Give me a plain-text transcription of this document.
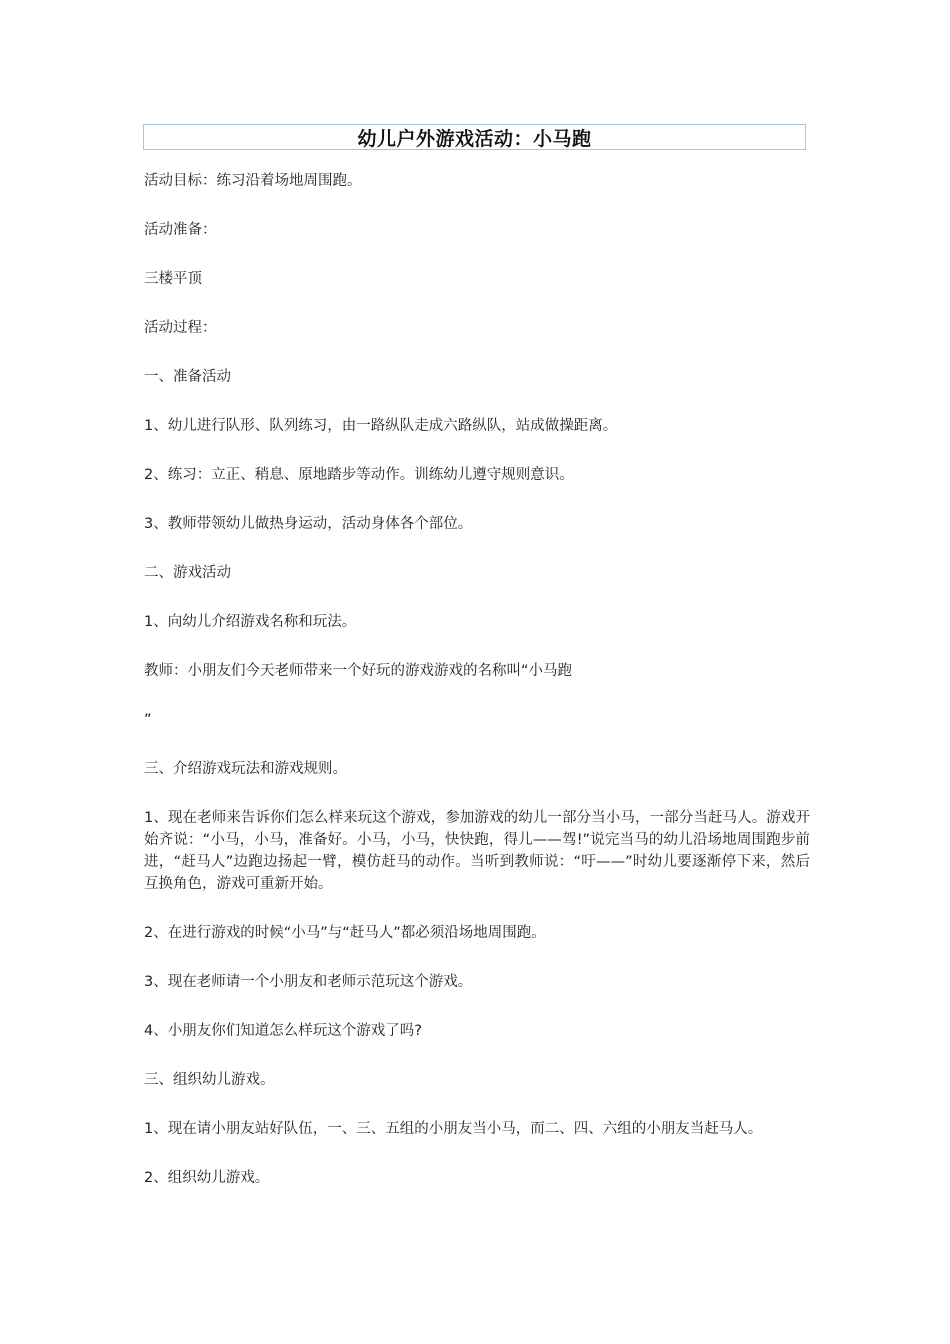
幼儿户外游戏活动：小马跑

活动目标：练习沿着场地周围跑。

活动准备：

三楼平顶

活动过程：

一、准备活动

1、幼儿进行队形、队列练习，由一路纵队走成六路纵队，站成做操距离。

2、练习：立正、稍息、原地踏步等动作。训练幼儿遵守规则意识。

3、教师带领幼儿做热身运动，活动身体各个部位。

二、游戏活动

1、向幼儿介绍游戏名称和玩法。

教师：小朋友们今天老师带来一个好玩的游戏游戏的名称叫“小马跑

”

三、介绍游戏玩法和游戏规则。

1、现在老师来告诉你们怎么样来玩这个游戏，参加游戏的幼儿一部分当小马，一部分当赶马人。游戏开始齐说：“小马，小马，准备好。小马，小马，快快跑，得儿——驾!”说完当马的幼儿沿场地周围跑步前进，“赶马人”边跑边扬起一臂，模仿赶马的动作。当听到教师说：“吁——”时幼儿要逐渐停下来，然后互换角色，游戏可重新开始。

2、在进行游戏的时候“小马”与“赶马人”都必须沿场地周围跑。

3、现在老师请一个小朋友和老师示范玩这个游戏。

4、小朋友你们知道怎么样玩这个游戏了吗?

三、组织幼儿游戏。

1、现在请小朋友站好队伍，一、三、五组的小朋友当小马，而二、四、六组的小朋友当赶马人。

2、组织幼儿游戏。
